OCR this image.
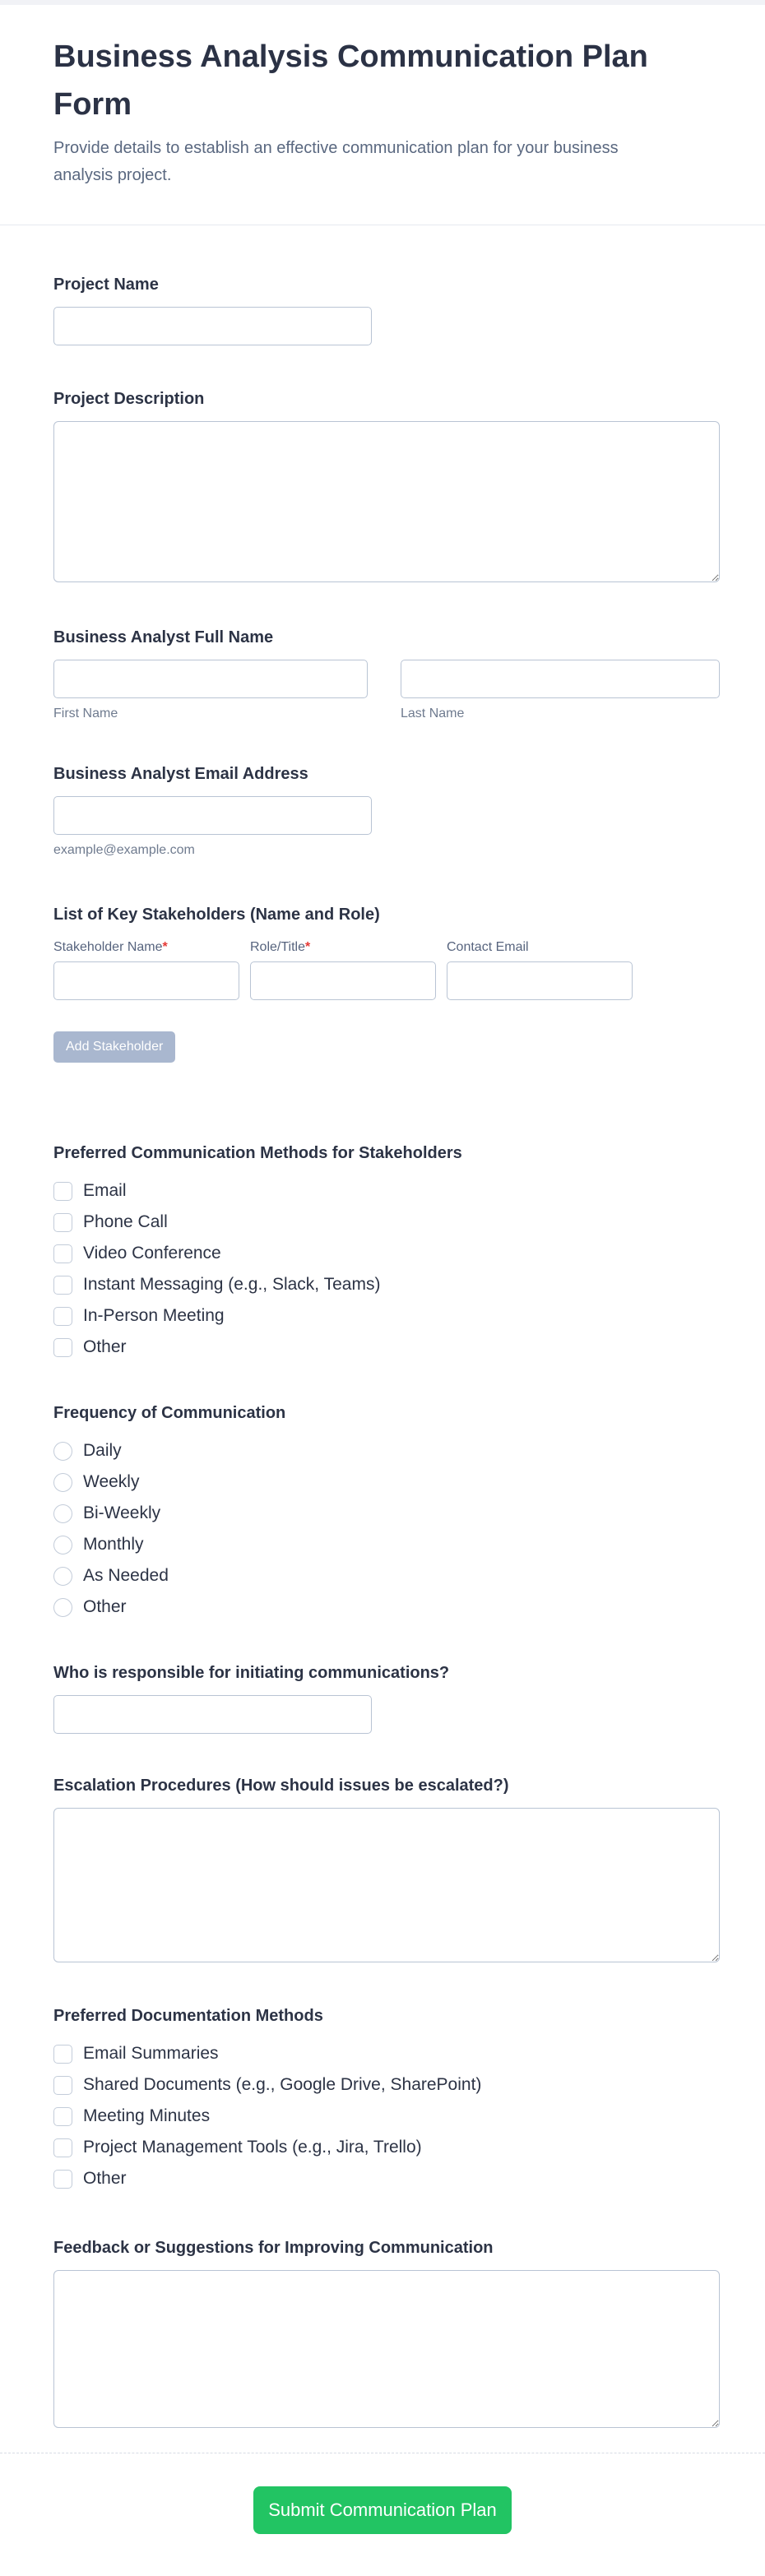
Business Analysis Communication Plan Form

Provide details to establish an effective communication plan for your business analysis project.

Project Name
Project Description
Business Analyst Full Name
First Name	Last Name
Business Analyst Email Address
example@example.com
List of Key Stakeholders (Name and Role)
Stakeholder Name*	Role/Title*	Contact Email
Add Stakeholder
Preferred Communication Methods for Stakeholders
Email
Phone Call
Video Conference
Instant Messaging (e.g., Slack, Teams)
In-Person Meeting
Other
Frequency of Communication
Daily
Weekly
Bi-Weekly
Monthly
As Needed
Other
Who is responsible for initiating communications?
Escalation Procedures (How should issues be escalated?)
Preferred Documentation Methods
Email Summaries
Shared Documents (e.g., Google Drive, SharePoint)
Meeting Minutes
Project Management Tools (e.g., Jira, Trello)
Other
Feedback or Suggestions for Improving Communication
Submit Communication Plan
